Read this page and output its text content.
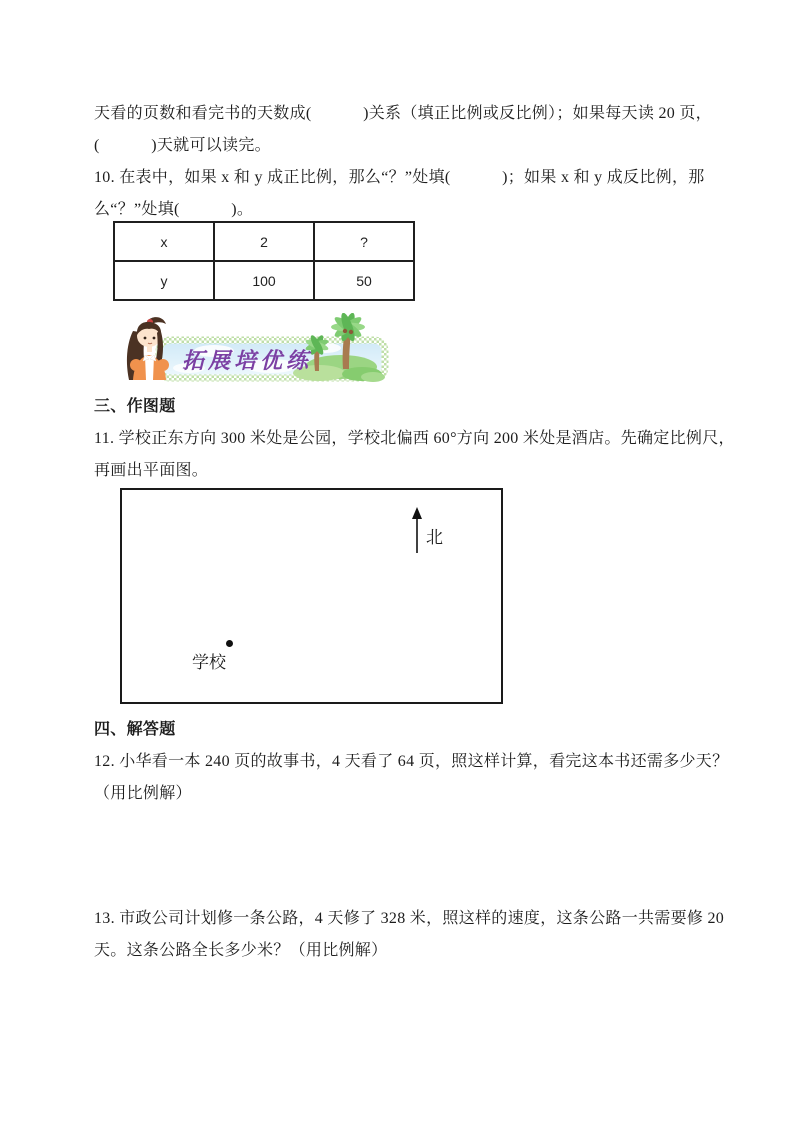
天看的页数和看完书的天数成(            )关系（填正比例或反比例）；如果每天读 20 页，

(            )天就可以读完。

10. 在表中，如果 x 和 y 成正比例，那么“？”处填(            )；如果 x 和 y 成反比例，那

么“？”处填(            )。

x	2	?
y	100	50
拓展培优练

三、作图题

11. 学校正东方向 300 米处是公园，学校北偏西 60°方向 200 米处是酒店。先确定比例尺，

再画出平面图。

北
学校

四、解答题

12. 小华看一本 240 页的故事书，4 天看了 64 页，照这样计算，看完这本书还需多少天？

（用比例解）

13. 市政公司计划修一条公路，4 天修了 328 米，照这样的速度，这条公路一共需要修 20

天。这条公路全长多少米？（用比例解）
